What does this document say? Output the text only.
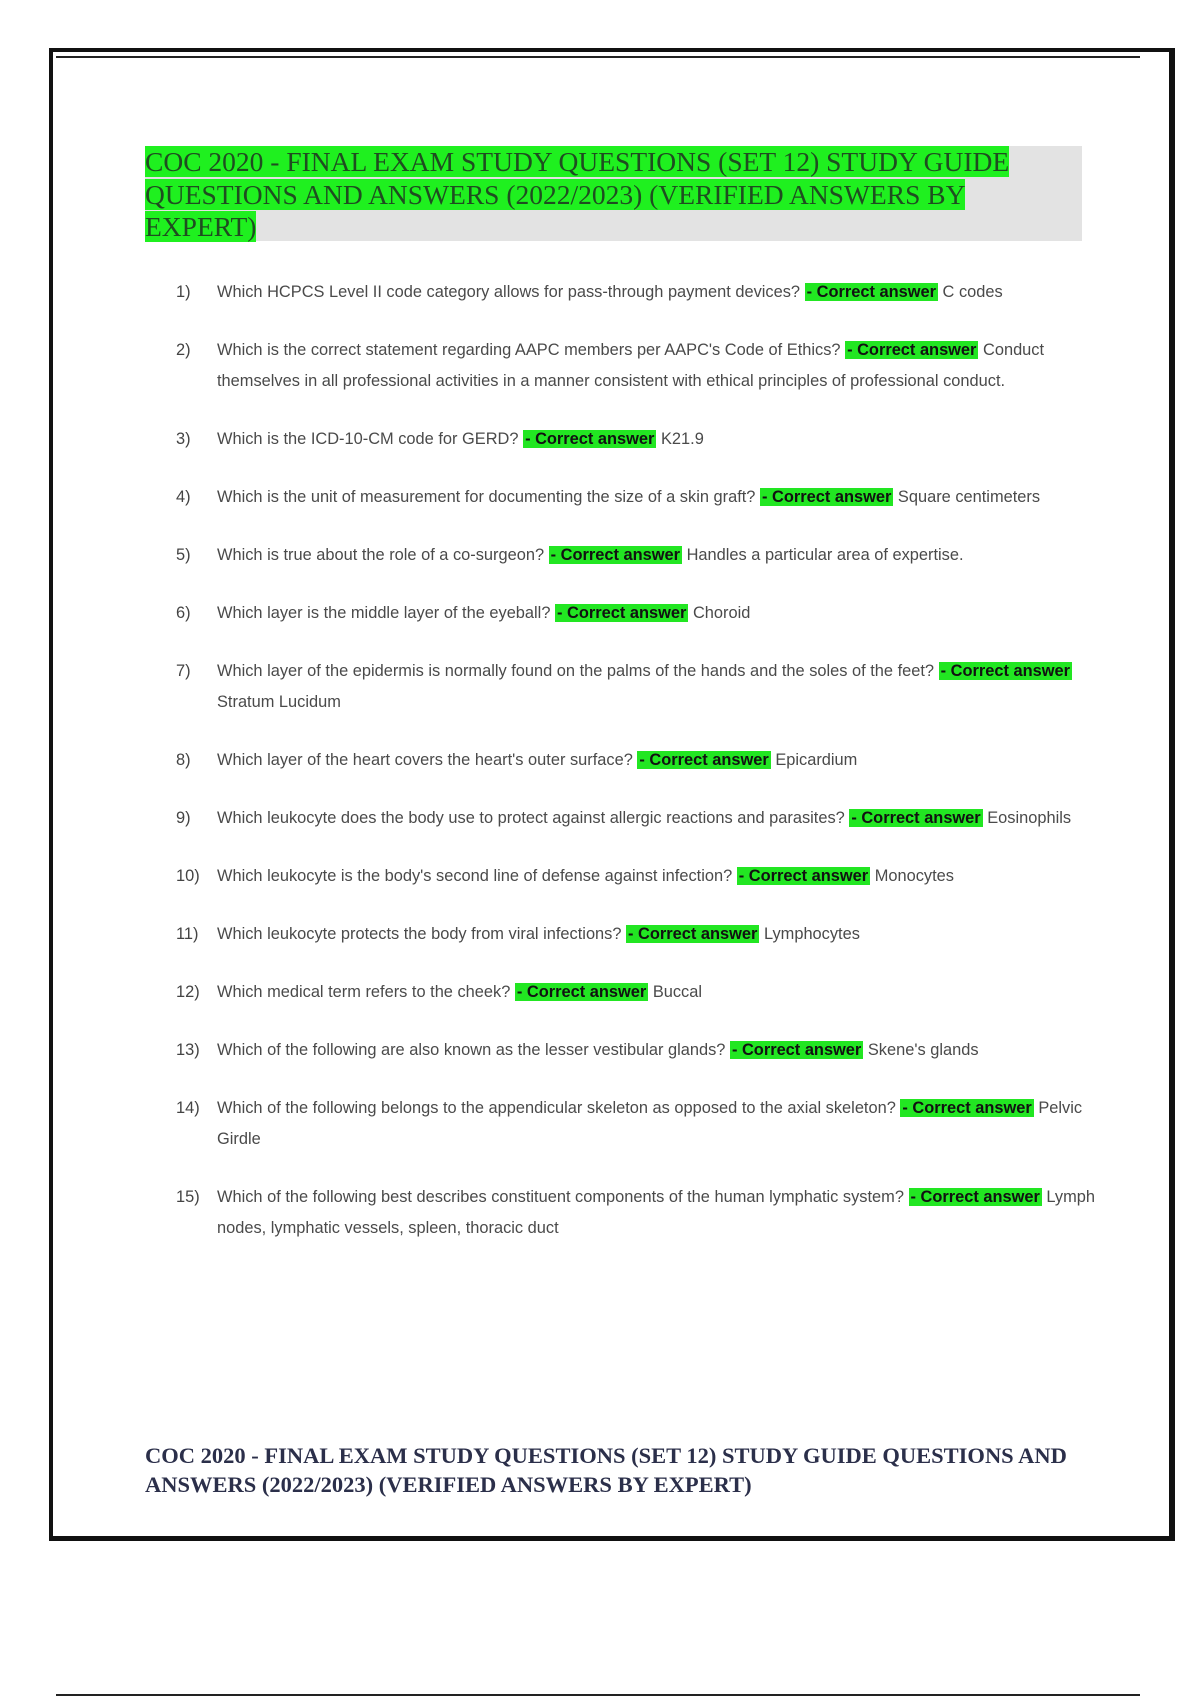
COC 2020 - FINAL EXAM STUDY QUESTIONS (SET 12) STUDY GUIDE
QUESTIONS AND ANSWERS (2022/2023) (VERIFIED ANSWERS BY
EXPERT)

1)	Which HCPCS Level II code category allows for pass-through payment devices? - Correct answer C codes
2)	Which is the correct statement regarding AAPC members per AAPC's Code of Ethics? - Correct answer Conduct themselves in all professional activities in a manner consistent with ethical principles of professional conduct.
3)	Which is the ICD-10-CM code for GERD? - Correct answer K21.9
4)	Which is the unit of measurement for documenting the size of a skin graft? - Correct answer Square centimeters
5)	Which is true about the role of a co-surgeon? - Correct answer Handles a particular area of expertise.
6)	Which layer is the middle layer of the eyeball? - Correct answer Choroid
7)	Which layer of the epidermis is normally found on the palms of the hands and the soles of the feet? - Correct answer Stratum Lucidum
8)	Which layer of the heart covers the heart's outer surface? - Correct answer Epicardium
9)	Which leukocyte does the body use to protect against allergic reactions and parasites? - Correct answer Eosinophils
10)	Which leukocyte is the body's second line of defense against infection? - Correct answer Monocytes
11)	Which leukocyte protects the body from viral infections? - Correct answer Lymphocytes
12)	Which medical term refers to the cheek? - Correct answer Buccal
13)	Which of the following are also known as the lesser vestibular glands? - Correct answer Skene's glands
14)	Which of the following belongs to the appendicular skeleton as opposed to the axial skeleton? - Correct answer Pelvic Girdle
15)	Which of the following best describes constituent components of the human lymphatic system? - Correct answer Lymph nodes, lymphatic vessels, spleen, thoracic duct

COC 2020 - FINAL EXAM STUDY QUESTIONS (SET 12) STUDY GUIDE QUESTIONS AND ANSWERS (2022/2023) (VERIFIED ANSWERS BY EXPERT)
